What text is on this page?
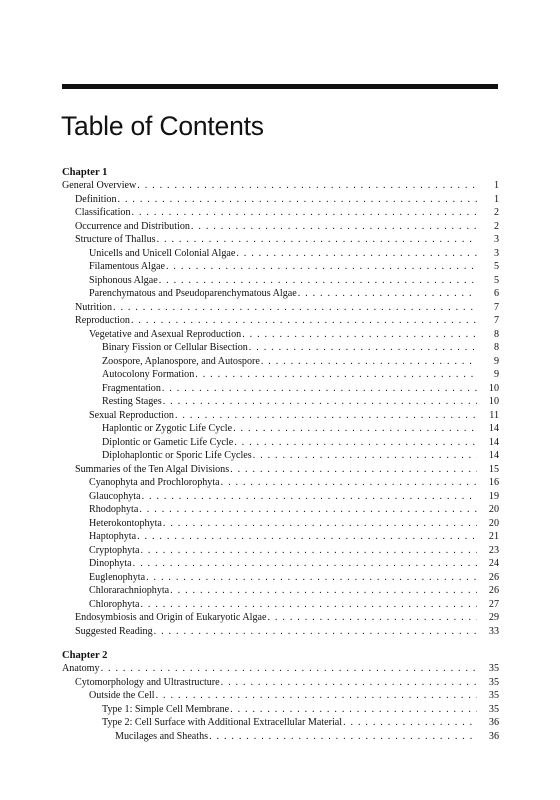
Table of Contents
Chapter 1
General Overview . . .	1
Definition . . .	1
Classification . . .	2
Occurrence and Distribution . . .	2
Structure of Thallus . . .	3
Unicells and Unicell Colonial Algae . . .	3
Filamentous Algae . . .	5
Siphonous Algae . . .	5
Parenchymatous and Pseudoparenchymatous Algae . . .	6
Nutrition . . .	7
Reproduction . . .	7
Vegetative and Asexual Reproduction . . .	8
Binary Fission or Cellular Bisection . . .	8
Zoospore, Aplanospore, and Autospore . . .	9
Autocolony Formation . . .	9
Fragmentation . . .	10
Resting Stages . . .	10
Sexual Reproduction . . .	11
Haplontic or Zygotic Life Cycle . . .	14
Diplontic or Gametic Life Cycle . . .	14
Diplohaplontic or Sporic Life Cycles . . .	14
Summaries of the Ten Algal Divisions . . .	15
Cyanophyta and Prochlorophyta . . .	16
Glaucophyta . . .	19
Rhodophyta . . .	20
Heterokontophyta . . .	20
Haptophyta . . .	21
Cryptophyta . . .	23
Dinophyta . . .	24
Euglenophyta . . .	26
Chlorarachniophyta . . .	26
Chlorophyta . . .	27
Endosymbiosis and Origin of Eukaryotic Algae . . .	29
Suggested Reading . . .	33
Chapter 2
Anatomy . . .	35
Cytomorphology and Ultrastructure . . .	35
Outside the Cell . . .	35
Type 1: Simple Cell Membrane . . .	35
Type 2: Cell Surface with Additional Extracellular Material . . .	36
Mucilages and Sheaths . . .	36
